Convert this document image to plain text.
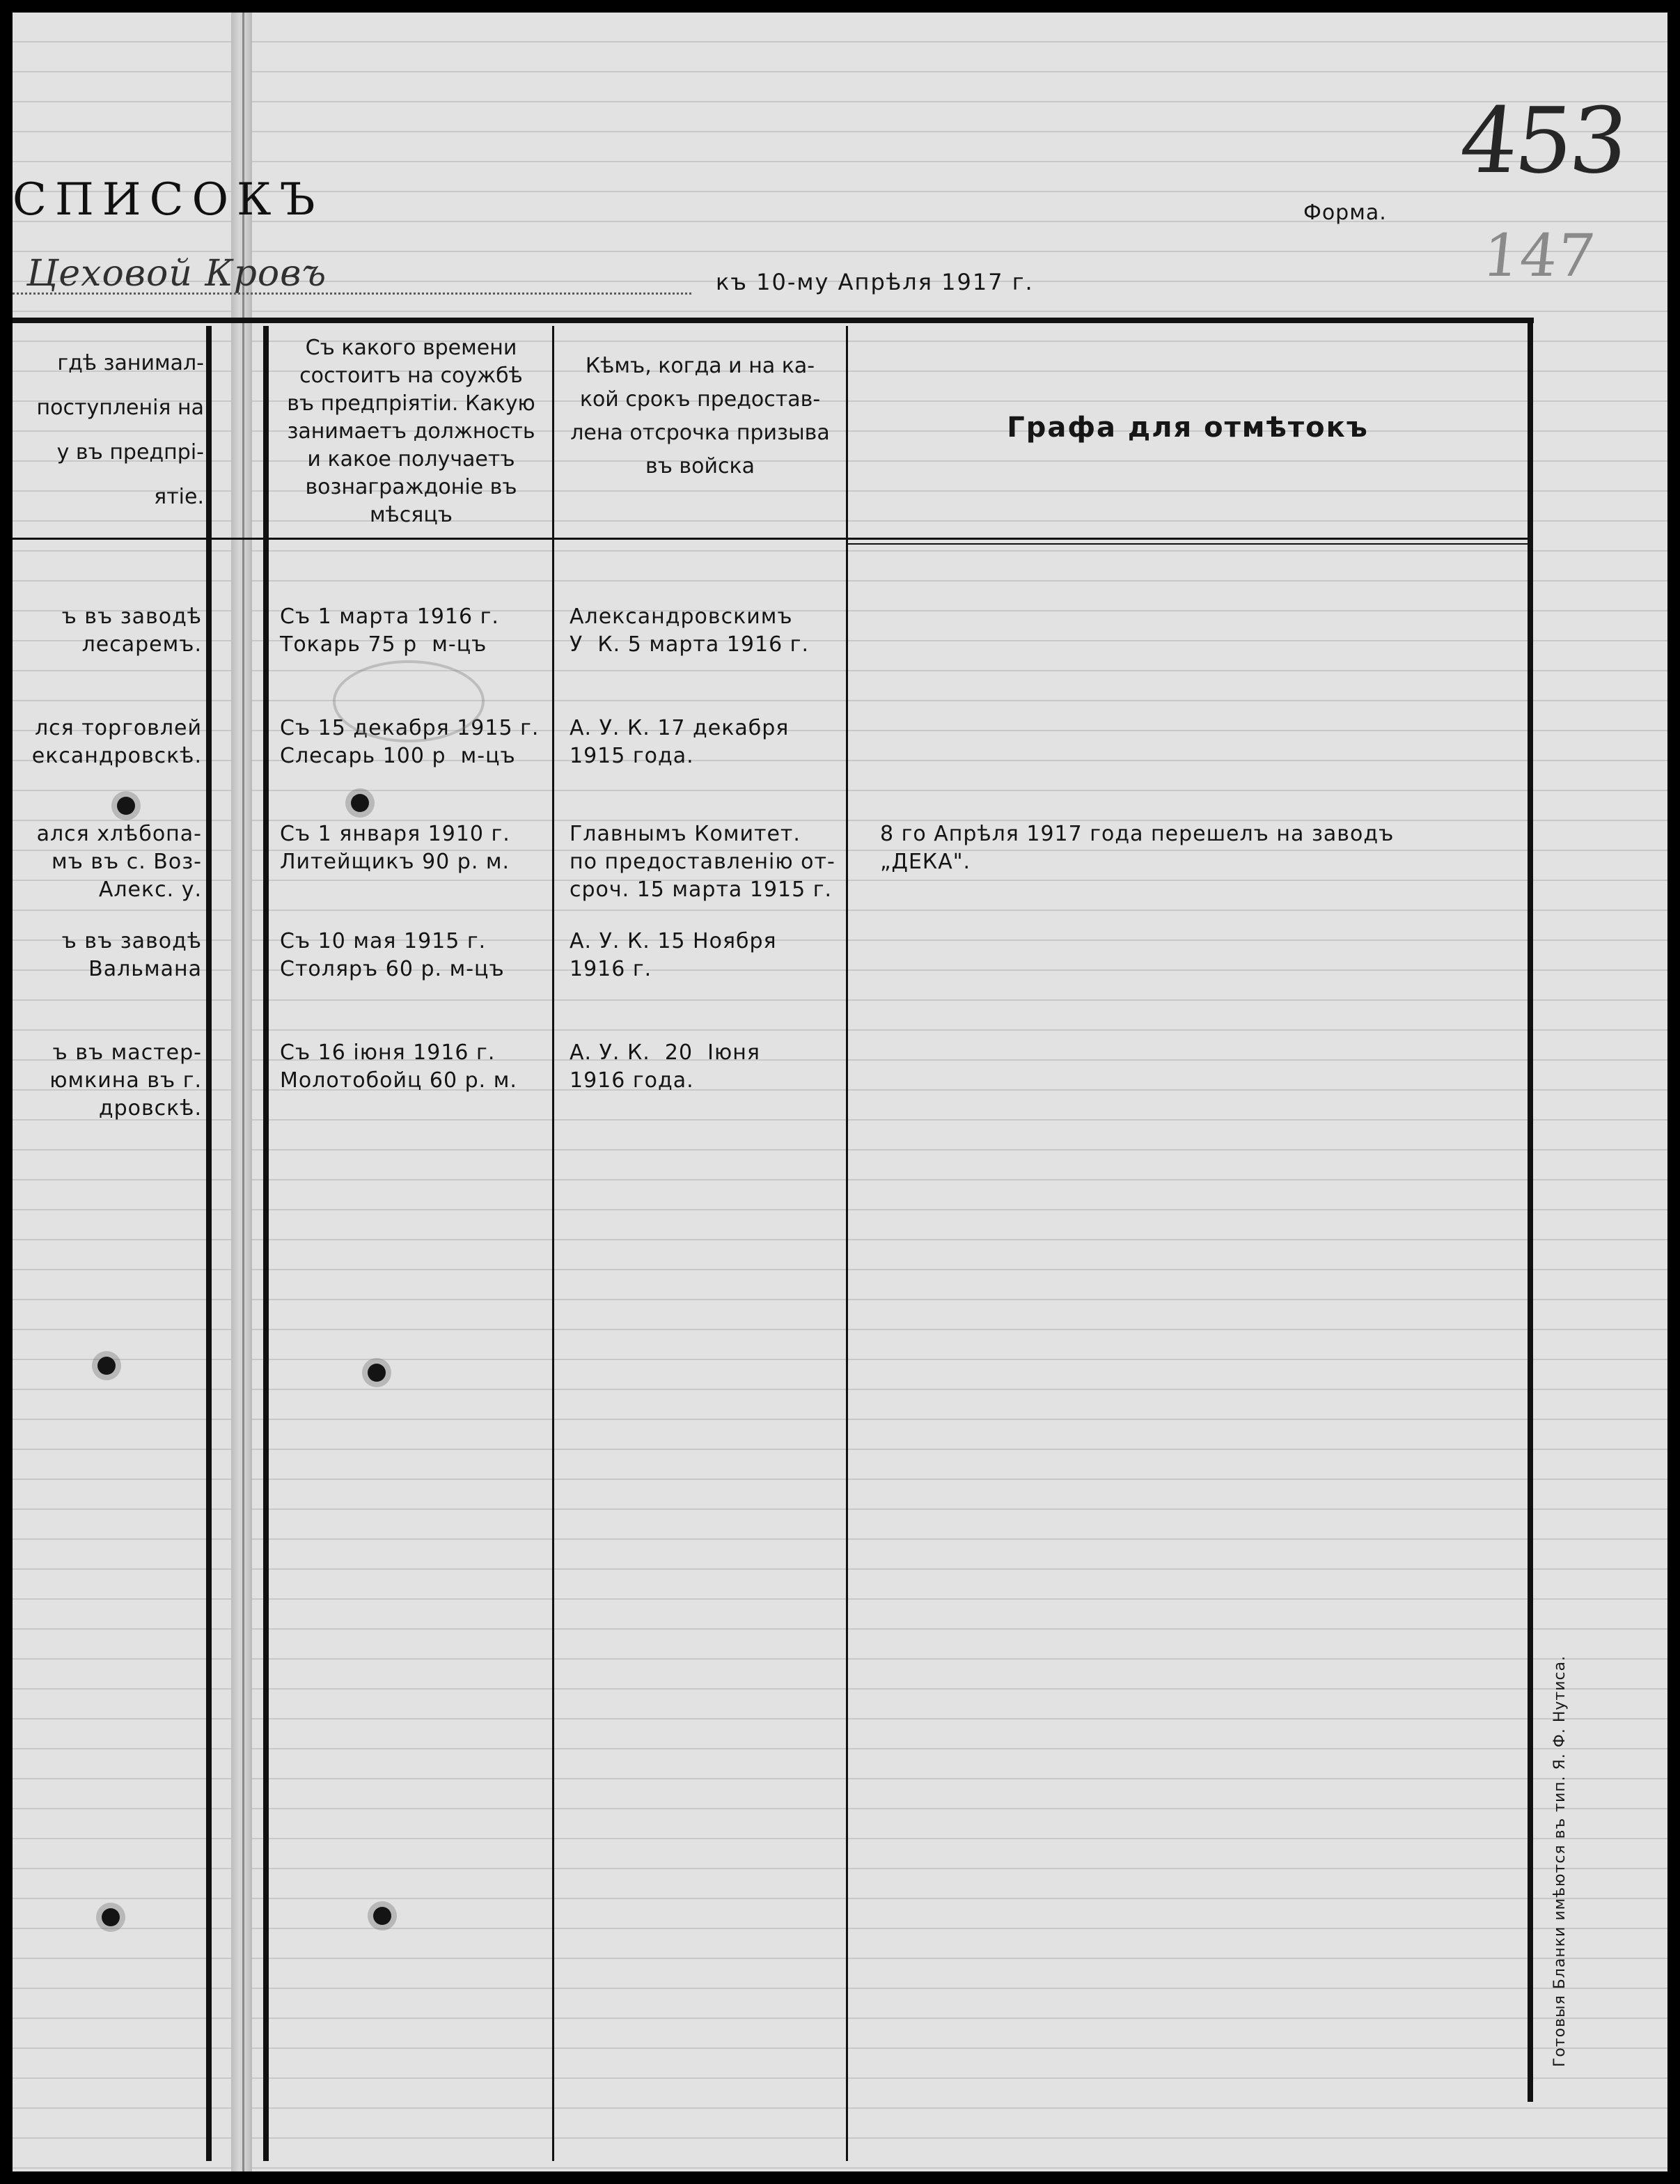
СПИСОКЪ	Форма.
453
147
Цеховой Кровъ	къ 10-му Апрѣля 1917 г.
гдѣ занимал-
поступленiя на
у въ предпрi-
ятie.
Съ какого времени
состоитъ на соужбѣ
въ предпрiятiи. Какую
занимаетъ должность
и какое получаетъ
вознаграждонiе въ
мѣсяцъ
Кѣмъ, когда и на ка-
кой срокъ предостав-
лена отсрочка призыва
въ войска
Графа для отмѣтокъ
ъ въ заводѣ
лесаремъ.
Съ 1 марта 1916 г.
Токарь 75 р  м-цъ
Александровскимъ
У  К. 5 марта 1916 г.
лся торговлей
ександровскѣ.
Съ 15 декабря 1915 г.
Слесарь 100 р  м-цъ
А. У. К. 17 декабря
1915 года.
ался хлѣбопа-
мъ въ с. Воз-
Алекс. у.
Съ 1 января 1910 г.
Литейщикъ 90 р. м.
Главнымъ Комитет.
по предоставленiю от-
сроч. 15 марта 1915 г.
8 го Апрѣля 1917 года перешелъ на заводъ
„ДЕКА".
ъ въ заводѣ
Вальмана
Съ 10 мая 1915 г.
Столяръ 60 р. м-цъ
А. У. К. 15 Ноября
1916 г.
ъ въ мастер-
юмкина въ г.
дровскѣ.
Съ 16 iюня 1916 г.
Молотобойц 60 р. м.
А. У. К.  20  Iюня
1916 года.
Готовыя Бланки имѣются въ тип. Я. Ф. Нутиса.
